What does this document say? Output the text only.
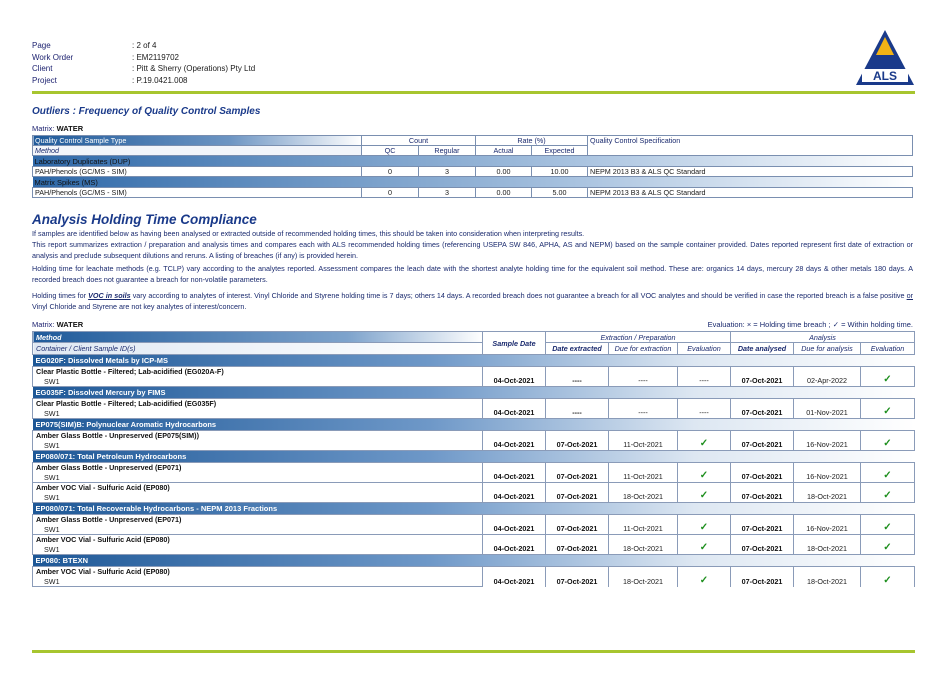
Page	: 2 of 4
Work Order	: EM2119702
Client	: Pitt & Sherry (Operations) Pty Ltd
Project	: P.19.0421.008	ALS
Outliers : Frequency of Quality Control Samples
Matrix: WATER
Quality Control Sample Type	Count		Rate (%)		Quality Control Specification
Method	QC	Regular	Actual	Expected	
Laboratory Duplicates (DUP)					
PAH/Phenols (GC/MS - SIM)	0	3	0.00	10.00	NEPM 2013 B3 & ALS QC Standard
Matrix Spikes (MS)					
PAH/Phenols (GC/MS - SIM)	0	3	0.00	5.00	NEPM 2013 B3 & ALS QC Standard
Analysis Holding Time Compliance
If samples are identified below as having been analysed or extracted outside of recommended holding times, this should be taken into consideration when interpreting results.
This report summarizes extraction / preparation and analysis times and compares each with ALS recommended holding times (referencing USEPA SW 846, APHA, AS and NEPM) based on the sample container provided. Dates reported represent first date of extraction or analysis and preclude subsequent dilutions and reruns. A listing of breaches (if any) is provided herein.
Holding time for leachate methods (e.g. TCLP) vary according to the analytes reported. Assessment compares the leach date with the shortest analyte holding time for the equivalent soil method. These are: organics 14 days, mercury 28 days & other metals 180 days. A recorded breach does not guarantee a breach for non-volatile parameters.
Holding times for VOC in soils vary according to analytes of interest. Vinyl Chloride and Styrene holding time is 7 days; others 14 days. A recorded breach does not guarantee a breach for all VOC analytes and should be verified in case the reported breach is a false positive or Vinyl Chloride and Styrene are not key analytes of interest/concern.
Matrix: WATER	Evaluation: × = Holding time breach ; ✓ = Within holding time.
Method	Sample Date	Extraction / Preparation			Analysis		
Container / Client Sample ID(s)		Date extracted	Due for extraction	Evaluation	Date analysed	Due for analysis	Evaluation
EG020F: Dissolved Metals by ICP-MS							
Clear Plastic Bottle - Filtered; Lab-acidified (EG020A-F)	04-Oct-2021	----	----	----	07-Oct-2021	02-Apr-2022	✓
SW1							
EG035F: Dissolved Mercury by FIMS							
Clear Plastic Bottle - Filtered; Lab-acidified (EG035F)	04-Oct-2021	----	----	----	07-Oct-2021	01-Nov-2021	✓
SW1							
EP075(SIM)B: Polynuclear Aromatic Hydrocarbons							
Amber Glass Bottle - Unpreserved (EP075(SIM))	04-Oct-2021	07-Oct-2021	11-Oct-2021	✓	07-Oct-2021	16-Nov-2021	✓
SW1							
EP080/071: Total Petroleum Hydrocarbons							
Amber Glass Bottle - Unpreserved (EP071)	04-Oct-2021	07-Oct-2021	11-Oct-2021	✓	07-Oct-2021	16-Nov-2021	✓
SW1							
Amber VOC Vial - Sulfuric Acid (EP080)	04-Oct-2021	07-Oct-2021	18-Oct-2021	✓	07-Oct-2021	18-Oct-2021	✓
SW1							
EP080/071: Total Recoverable Hydrocarbons - NEPM 2013 Fractions							
Amber Glass Bottle - Unpreserved (EP071)	04-Oct-2021	07-Oct-2021	11-Oct-2021	✓	07-Oct-2021	16-Nov-2021	✓
SW1							
Amber VOC Vial - Sulfuric Acid (EP080)	04-Oct-2021	07-Oct-2021	18-Oct-2021	✓	07-Oct-2021	18-Oct-2021	✓
SW1							
EP080: BTEXN							
Amber VOC Vial - Sulfuric Acid (EP080)	04-Oct-2021	07-Oct-2021	18-Oct-2021	✓	07-Oct-2021	18-Oct-2021	✓
SW1							
